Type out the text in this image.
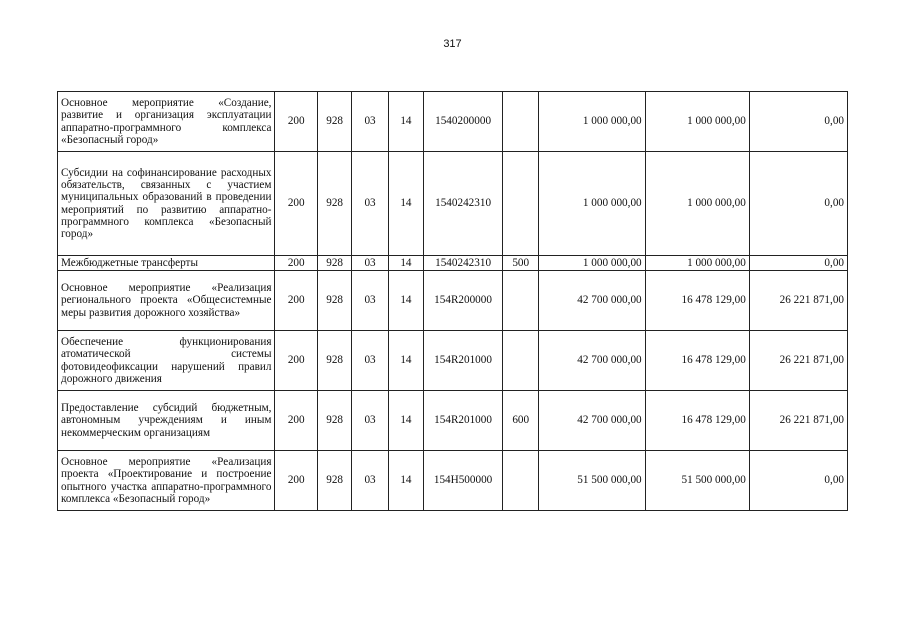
317
Основное мероприятие «Создание, развитие и организация эксплуатации аппаратно-программного комплекса «Безопасный город»	200	928	03	14	1540200000		1 000 000,00	1 000 000,00	0,00
Субсидии на софинансирование расходных обязательств, связанных с участием муниципальных образований в проведении мероприятий по развитию аппаратно-программного комплекса «Безопасный город»	200	928	03	14	1540242310		1 000 000,00	1 000 000,00	0,00
Межбюджетные трансферты	200	928	03	14	1540242310	500	1 000 000,00	1 000 000,00	0,00
Основное мероприятие «Реализация регионального проекта «Общесистемные меры развития дорожного хозяйства»	200	928	03	14	154R200000		42 700 000,00	16 478 129,00	26 221 871,00
Обеспечение функционирования атоматической системы фотовидеофиксации нарушений правил дорожного движения	200	928	03	14	154R201000		42 700 000,00	16 478 129,00	26 221 871,00
Предоставление субсидий бюджетным, автономным учреждениям и иным некоммерческим организациям	200	928	03	14	154R201000	600	42 700 000,00	16 478 129,00	26 221 871,00
Основное мероприятие «Реализация проекта «Проектирование и построение опытного участка аппаратно-программного комплекса «Безопасный город»	200	928	03	14	154H500000		51 500 000,00	51 500 000,00	0,00
